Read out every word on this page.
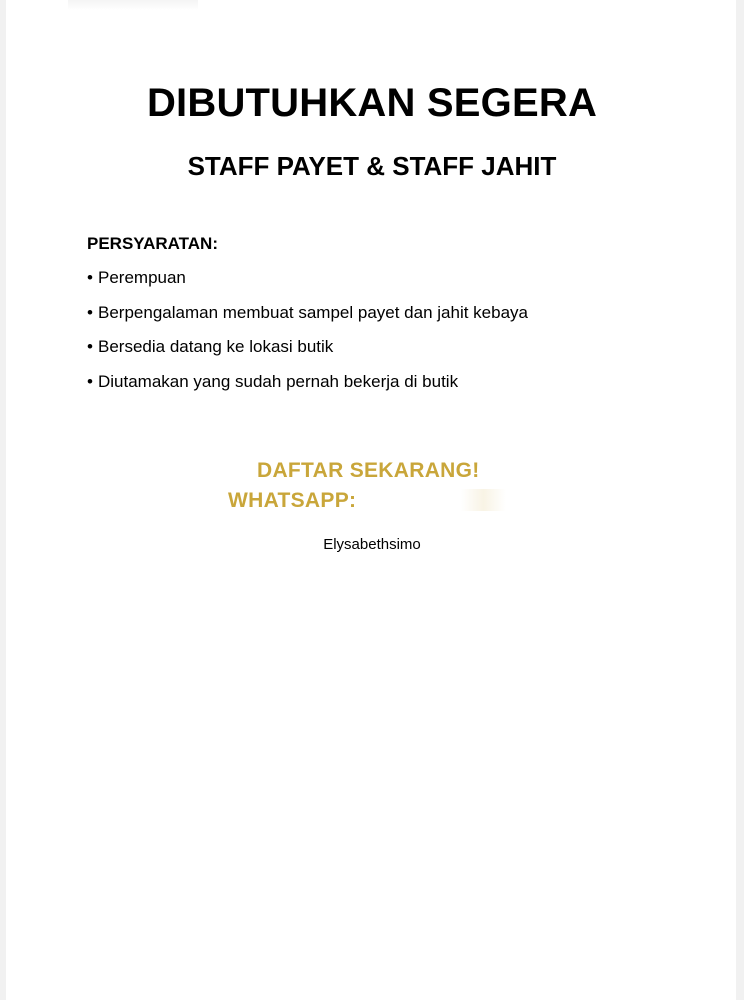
DIBUTUHKAN SEGERA
STAFF PAYET & STAFF JAHIT

PERSYARATAN:

• Perempuan
• Berpengalaman membuat sampel payet dan jahit kebaya
• Bersedia datang ke lokasi butik
• Diutamakan yang sudah pernah bekerja di butik
DAFTAR SEKARANG!
WHATSAPP:
Elysabethsimo
